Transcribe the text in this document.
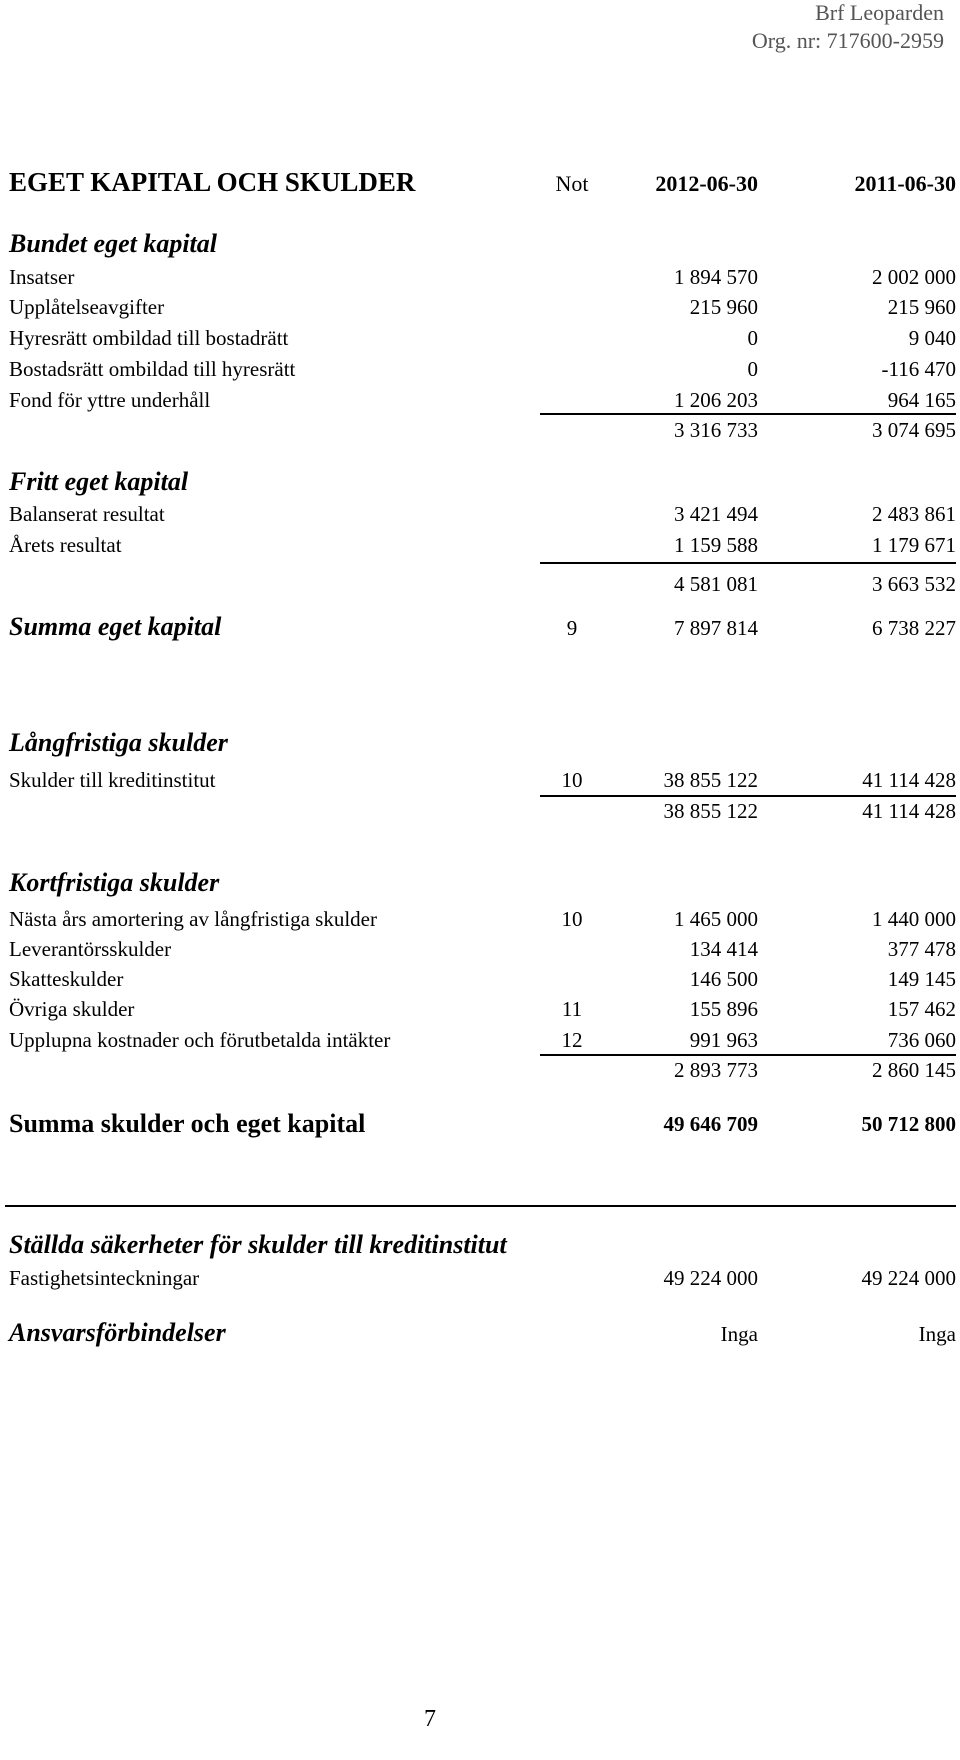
Brf Leoparden
Org. nr: 717600-2959
EGET KAPITAL OCH SKULDER	Not	2012-06-30	2011-06-30
Bundet eget kapital
Insatser	1 894 570	2 002 000
Upplåtelseavgifter	215 960	215 960
Hyresrätt ombildad till bostadrätt	0	9 040
Bostadsrätt ombildad till hyresrätt	0	-116 470
Fond för yttre underhåll	1 206 203	964 165
3 316 733	3 074 695
Fritt eget kapital
Balanserat resultat	3 421 494	2 483 861
Årets resultat	1 159 588	1 179 671
4 581 081	3 663 532
Summa eget kapital	9	7 897 814	6 738 227
Långfristiga skulder
Skulder till kreditinstitut	10	38 855 122	41 114 428
38 855 122	41 114 428
Kortfristiga skulder
Nästa års amortering av långfristiga skulder	10	1 465 000	1 440 000
Leverantörsskulder	134 414	377 478
Skatteskulder	146 500	149 145
Övriga skulder	11	155 896	157 462
Upplupna kostnader och förutbetalda intäkter	12	991 963	736 060
2 893 773	2 860 145
Summa skulder och eget kapital	49 646 709	50 712 800
Ställda säkerheter för skulder till kreditinstitut
Fastighetsinteckningar	49 224 000	49 224 000
Ansvarsförbindelser	Inga	Inga
7
